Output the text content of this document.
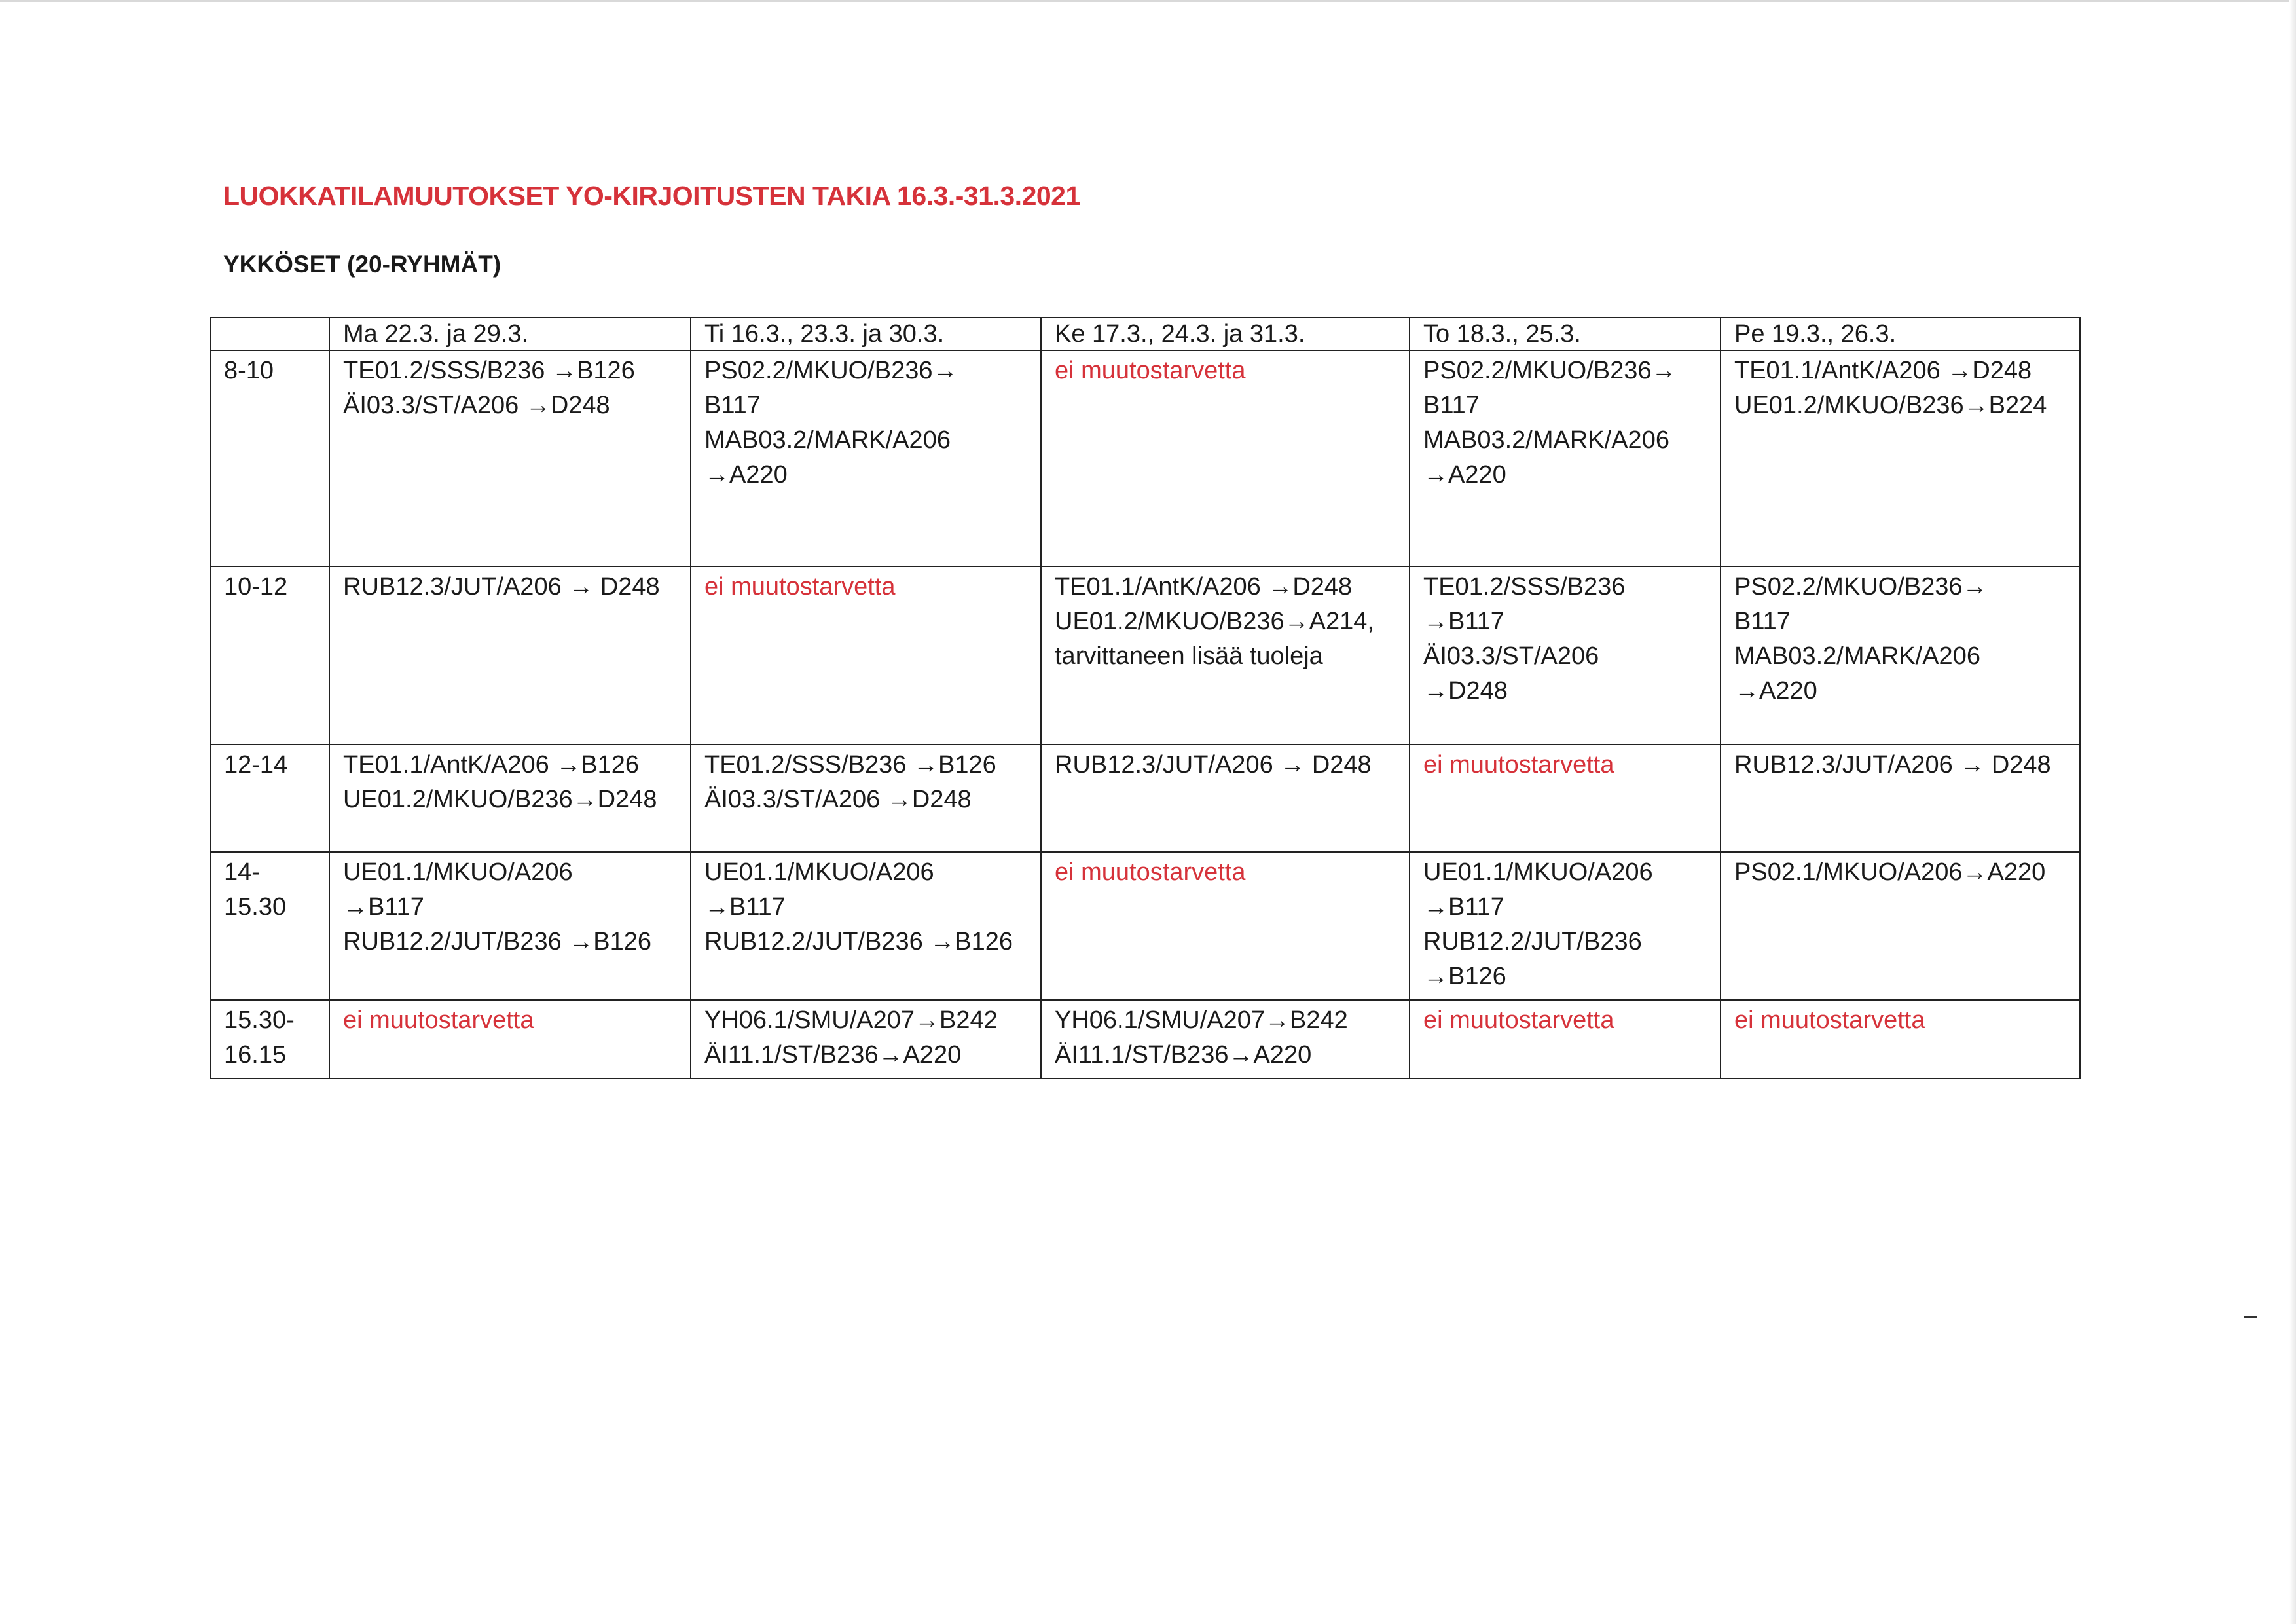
LUOKKATILAMUUTOKSET YO-KIRJOITUSTEN TAKIA 16.3.-31.3.2021
YKKÖSET (20-RYHMÄT)
	Ma 22.3. ja 29.3.	Ti 16.3., 23.3. ja 30.3.	Ke 17.3., 24.3. ja 31.3.	To 18.3., 25.3.	Pe 19.3., 26.3.

8-10	TE01.2/SSS/B236 →B126
ÄI03.3/ST/A206 →D248	PS02.2/MKUO/B236→
B117
MAB03.2/MARK/A206
→A220	ei muutostarvetta	PS02.2/MKUO/B236→
B117
MAB03.2/MARK/A206
→A220	TE01.1/AntK/A206 →D248
UE01.2/MKUO/B236→B224

10-12	RUB12.3/JUT/A206 → D248	ei muutostarvetta	TE01.1/AntK/A206 →D248
UE01.2/MKUO/B236→A214,
tarvittaneen lisää tuoleja	TE01.2/SSS/B236
→B117
ÄI03.3/ST/A206
→D248	PS02.2/MKUO/B236→
B117
MAB03.2/MARK/A206
→A220

12-14	TE01.1/AntK/A206 →B126
UE01.2/MKUO/B236→D248	TE01.2/SSS/B236 →B126
ÄI03.3/ST/A206 →D248	RUB12.3/JUT/A206 → D248	ei muutostarvetta	RUB12.3/JUT/A206 → D248

14-
15.30	UE01.1/MKUO/A206
→B117
RUB12.2/JUT/B236 →B126	UE01.1/MKUO/A206
→B117
RUB12.2/JUT/B236 →B126	ei muutostarvetta	UE01.1/MKUO/A206
→B117
RUB12.2/JUT/B236
→B126	PS02.1/MKUO/A206→A220

15.30-
16.15	ei muutostarvetta	YH06.1/SMU/A207→B242
ÄI11.1/ST/B236→A220	YH06.1/SMU/A207→B242
ÄI11.1/ST/B236→A220	ei muutostarvetta	ei muutostarvetta
